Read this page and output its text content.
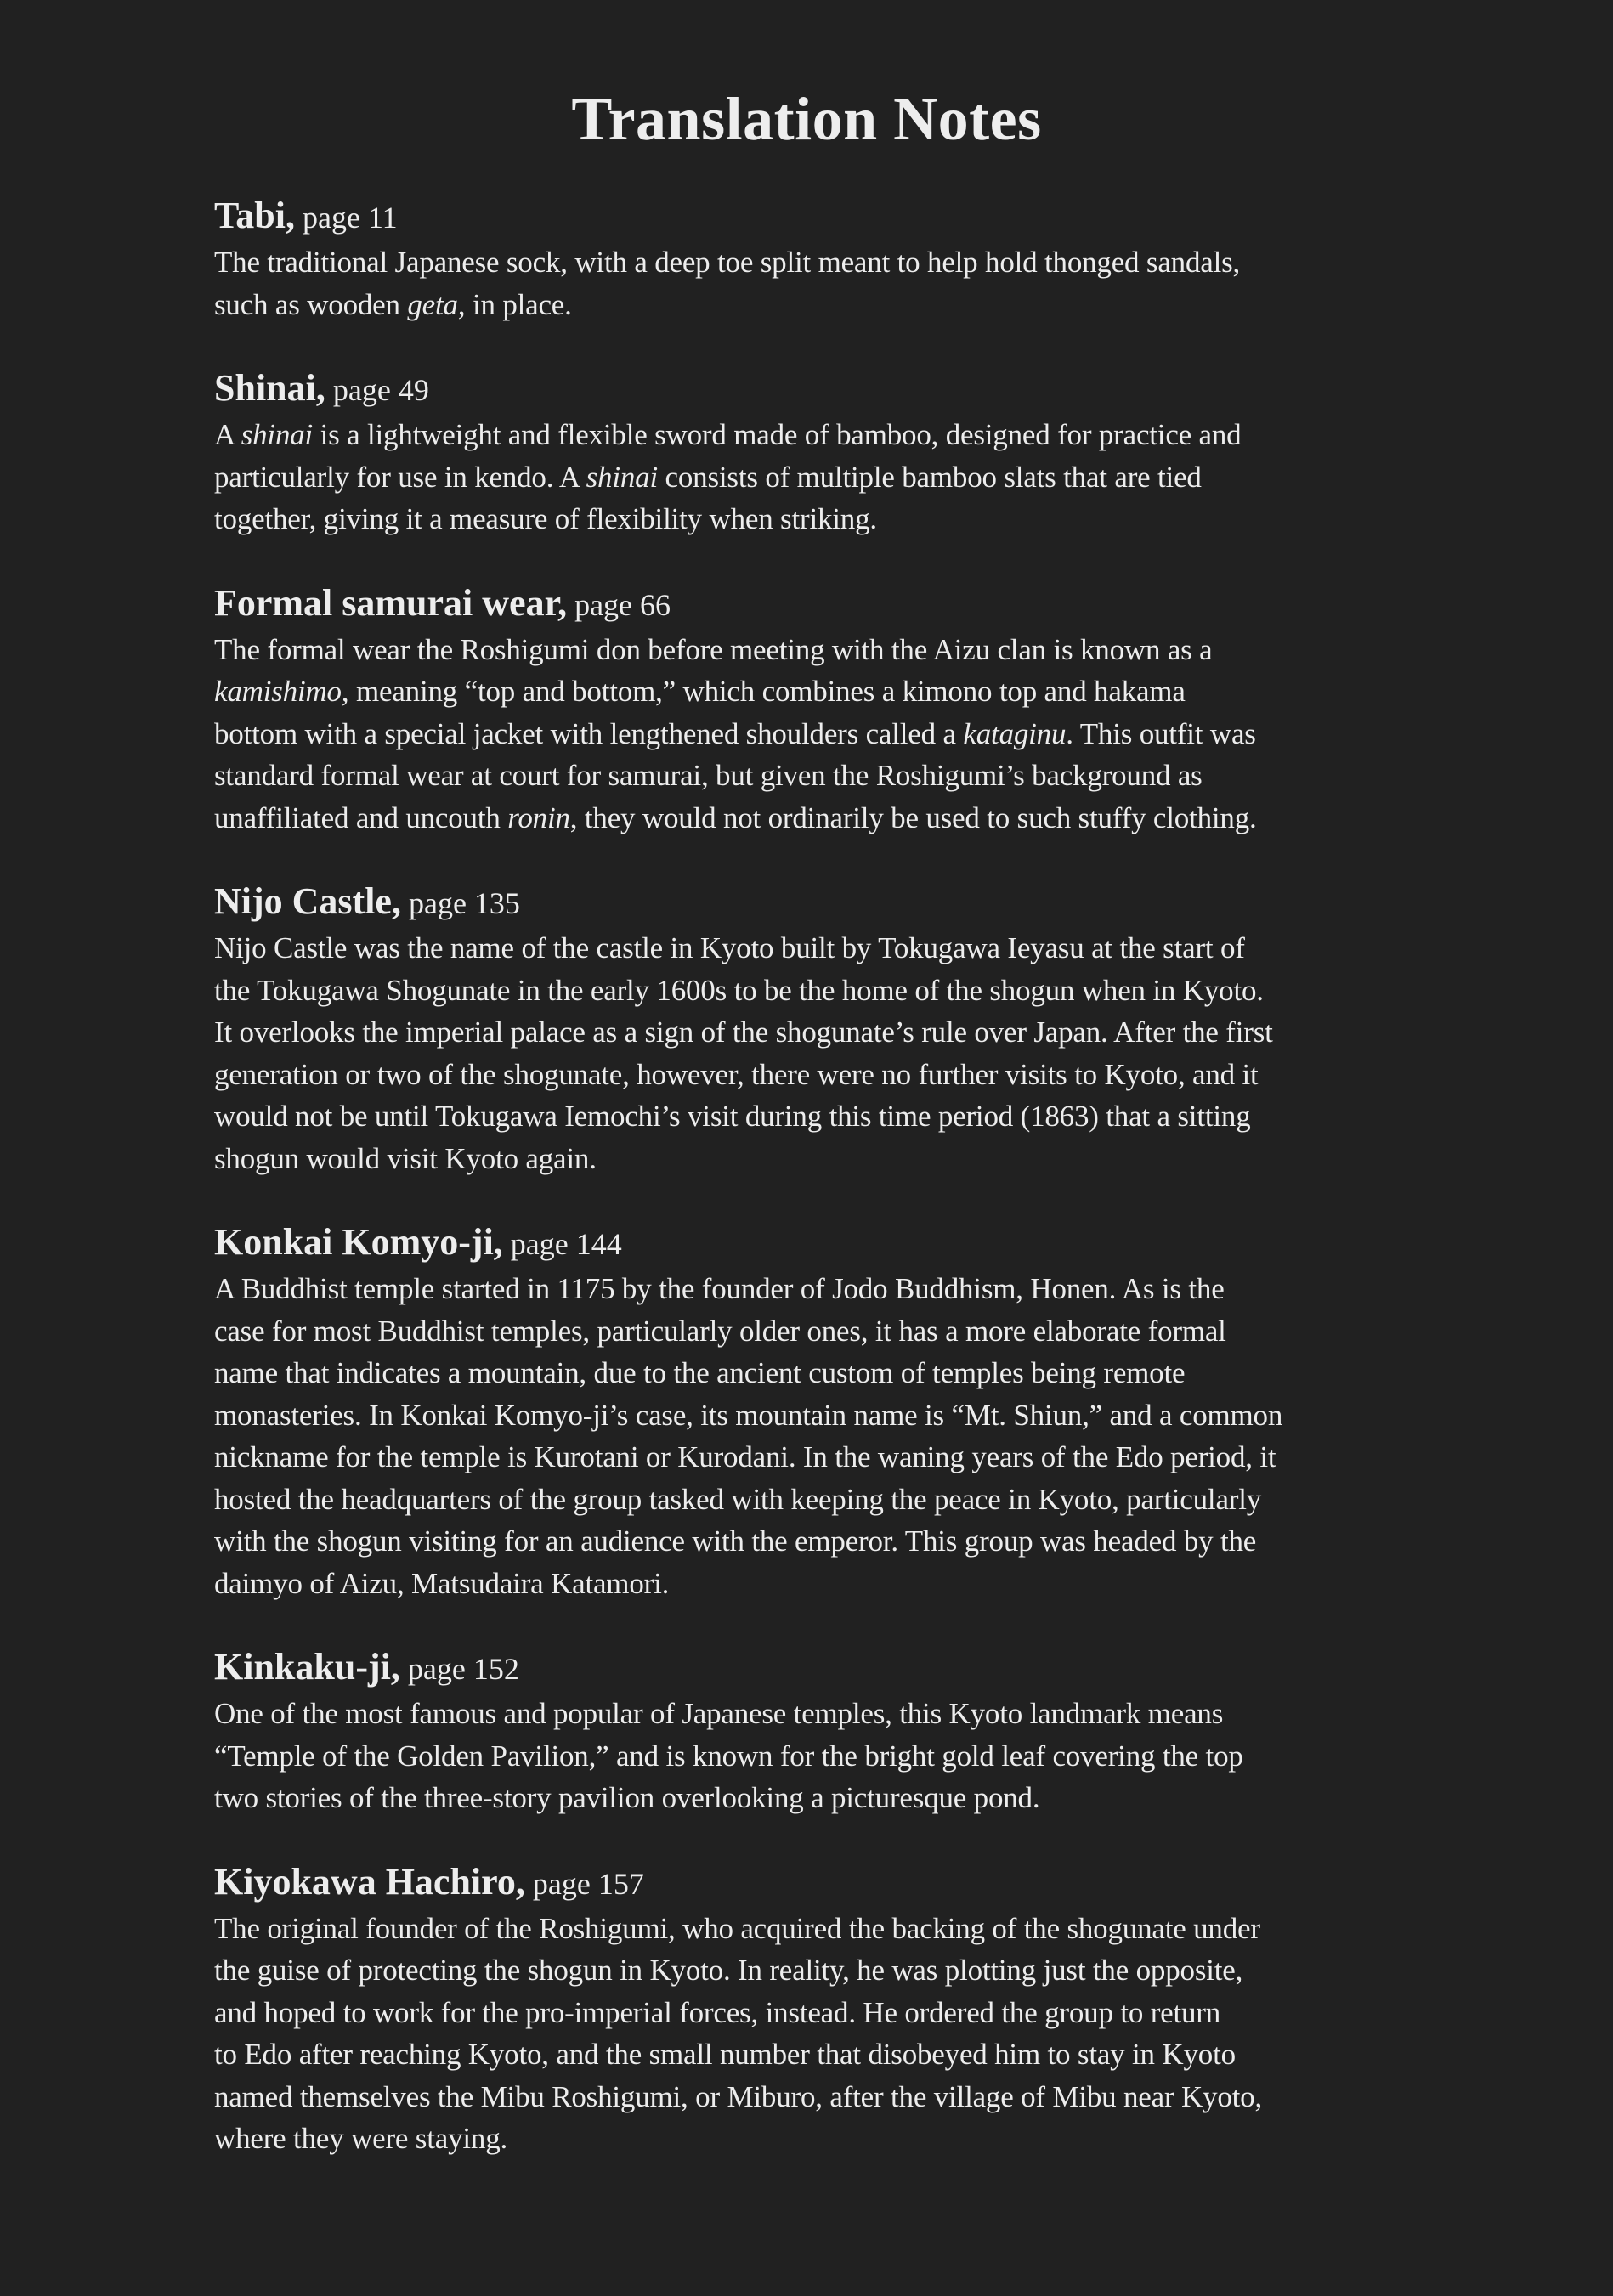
Translation Notes

Tabi, page 11

The traditional Japanese sock, with a deep toe split meant to help hold thonged sandals,
such as wooden geta, in place.

Shinai, page 49

A shinai is a lightweight and flexible sword made of bamboo, designed for practice and
particularly for use in kendo. A shinai consists of multiple bamboo slats that are tied
together, giving it a measure of flexibility when striking.

Formal samurai wear, page 66

The formal wear the Roshigumi don before meeting with the Aizu clan is known as a
kamishimo, meaning “top and bottom,” which combines a kimono top and hakama
bottom with a special jacket with lengthened shoulders called a kataginu. This outfit was
standard formal wear at court for samurai, but given the Roshigumi’s background as
unaffiliated and uncouth ronin, they would not ordinarily be used to such stuffy clothing.

Nijo Castle, page 135

Nijo Castle was the name of the castle in Kyoto built by Tokugawa Ieyasu at the start of
the Tokugawa Shogunate in the early 1600s to be the home of the shogun when in Kyoto.
It overlooks the imperial palace as a sign of the shogunate’s rule over Japan. After the first
generation or two of the shogunate, however, there were no further visits to Kyoto, and it
would not be until Tokugawa Iemochi’s visit during this time period (1863) that a sitting
shogun would visit Kyoto again.

Konkai Komyo-ji, page 144

A Buddhist temple started in 1175 by the founder of Jodo Buddhism, Honen. As is the
case for most Buddhist temples, particularly older ones, it has a more elaborate formal
name that indicates a mountain, due to the ancient custom of temples being remote
monasteries. In Konkai Komyo-ji’s case, its mountain name is “Mt. Shiun,” and a common
nickname for the temple is Kurotani or Kurodani. In the waning years of the Edo period, it
hosted the headquarters of the group tasked with keeping the peace in Kyoto, particularly
with the shogun visiting for an audience with the emperor. This group was headed by the
daimyo of Aizu, Matsudaira Katamori.

Kinkaku-ji, page 152

One of the most famous and popular of Japanese temples, this Kyoto landmark means
“Temple of the Golden Pavilion,” and is known for the bright gold leaf covering the top
two stories of the three-story pavilion overlooking a picturesque pond.

Kiyokawa Hachiro, page 157

The original founder of the Roshigumi, who acquired the backing of the shogunate under
the guise of protecting the shogun in Kyoto. In reality, he was plotting just the opposite,
and hoped to work for the pro-imperial forces, instead. He ordered the group to return
to Edo after reaching Kyoto, and the small number that disobeyed him to stay in Kyoto
named themselves the Mibu Roshigumi, or Miburo, after the village of Mibu near Kyoto,
where they were staying.
